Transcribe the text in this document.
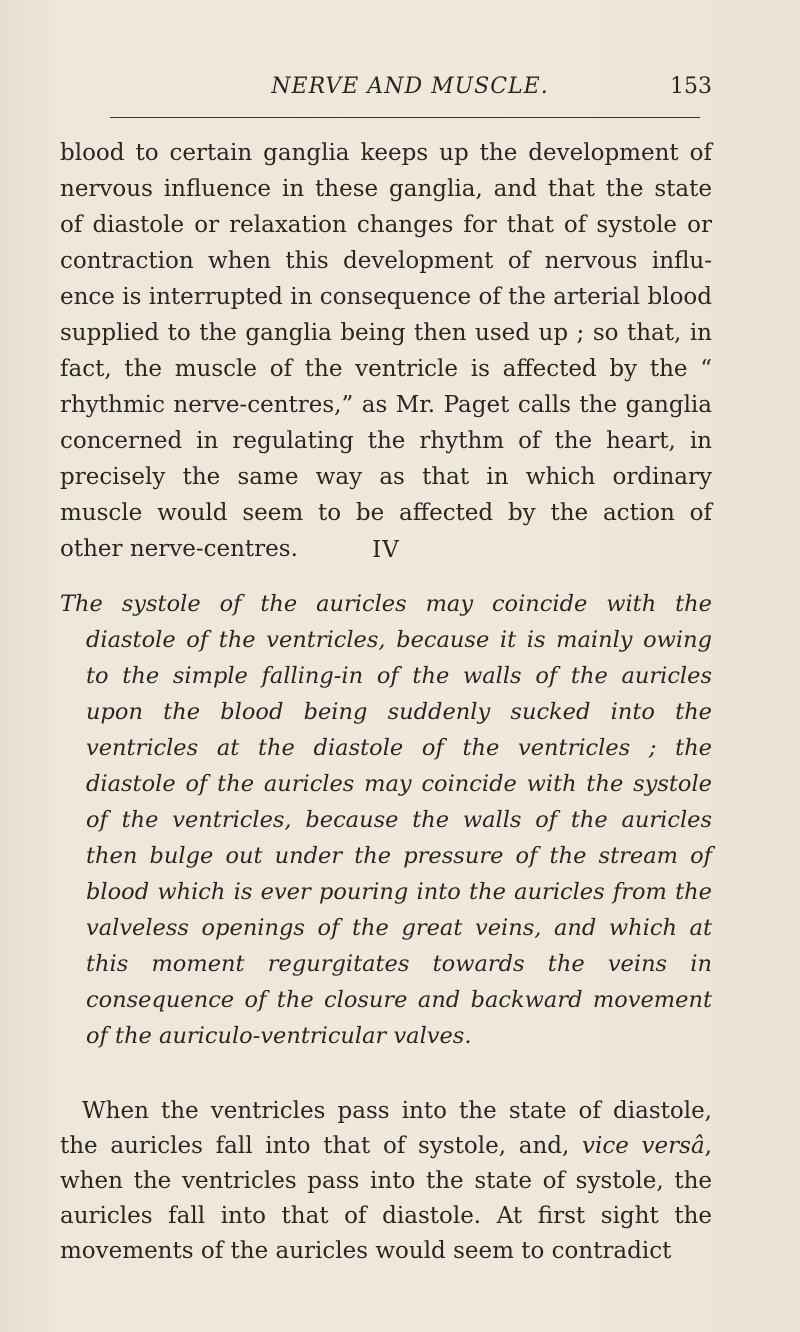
NERVE AND MUSCLE.	153

blood to certain ganglia keeps up the development of nervous influence in these ganglia, and that the state of diastole or relaxation changes for that of systole or contraction when this development of nervous influ- ence is interrupted in consequence of the arterial blood supplied to the ganglia being then used up ; so that, in fact, the muscle of the ventricle is affected by the “ rhythmic nerve-centres,” as Mr. Paget calls the ganglia concerned in regulating the rhythm of the heart, in precisely the same way as that in which ordinary muscle would seem to be affected by the action of other nerve-centres.	IV

The systole of the auricles may coincide with the diastole of the ventricles, because it is mainly owing to the simple falling-in of the walls of the auricles upon the blood being suddenly sucked into the ventricles at the diastole of the ventricles ; the diastole of the auricles may coincide with the systole of the ventricles, because the walls of the auricles then bulge out under the pressure of the stream of blood which is ever pouring into the auricles from the valveless openings of the great veins, and which at this moment regurgitates towards the veins in consequence of the closure and backward movement of the auriculo-ventricular valves.

When the ventricles pass into the state of diastole, the auricles fall into that of systole, and, vice versâ, when the ventricles pass into the state of systole, the auricles fall into that of diastole. At first sight the movements of the auricles would seem to contradict
